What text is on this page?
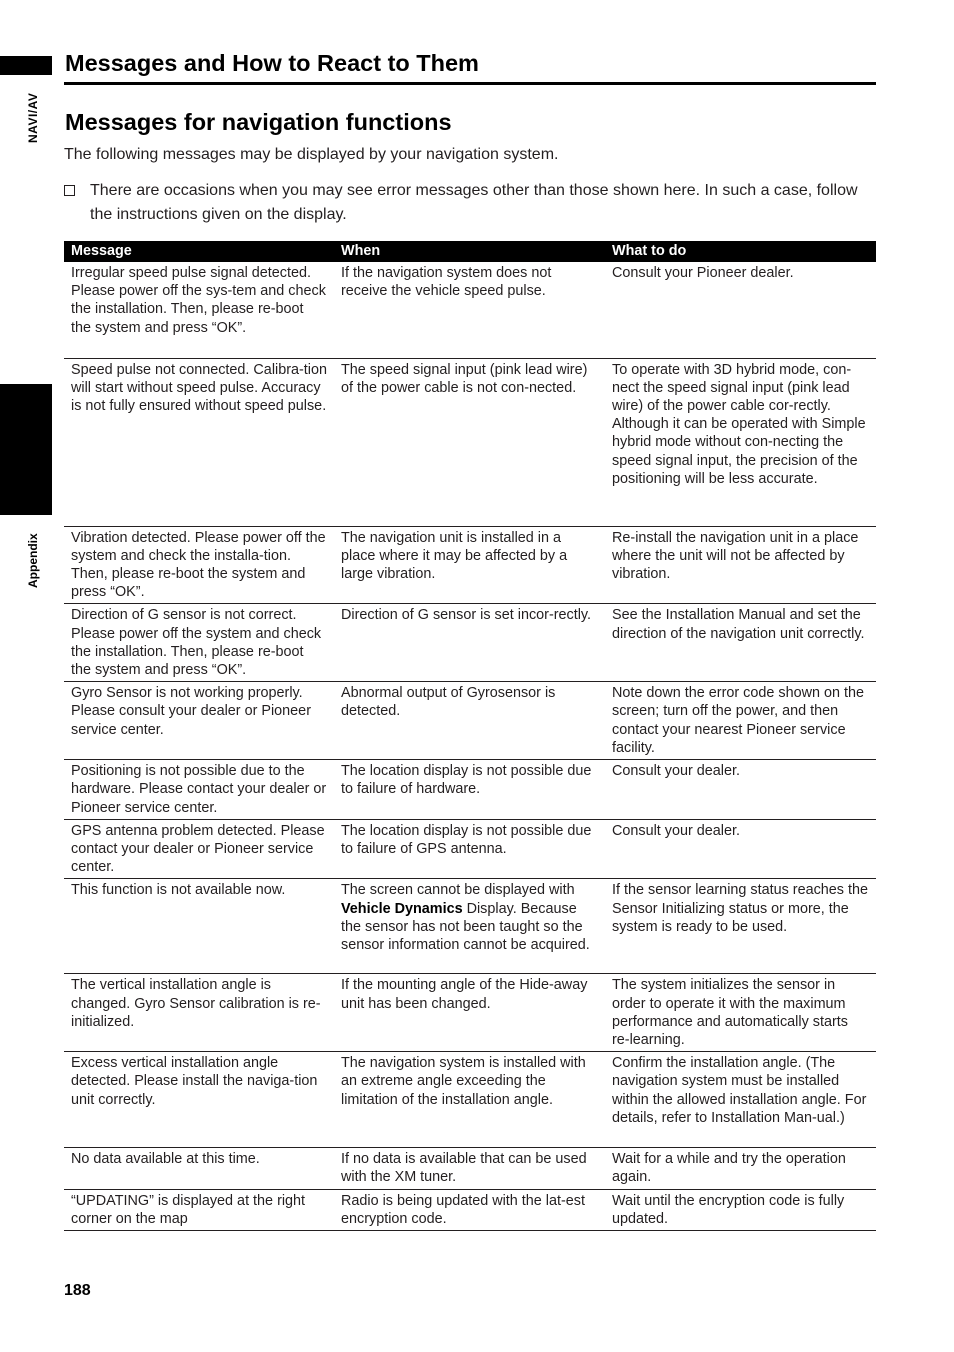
NAVI/AV
Appendix
Messages and How to React to Them
Messages for navigation functions
The following messages may be displayed by your navigation system.
There are occasions when you may see error messages other than those shown here. In such a case, follow the instructions given on the display.
Message	When	What to do
Irregular speed pulse signal detected. Please power off the sys-tem and check the installation. Then, please re-boot the system and press “OK”.	If the navigation system does not receive the vehicle speed pulse.	Consult your Pioneer dealer.
Speed pulse not connected. Calibra-tion will start without speed pulse. Accuracy is not fully ensured without speed pulse.	The speed signal input (pink lead wire) of the power cable is not con-nected.	To operate with 3D hybrid mode, con-nect the speed signal input (pink lead wire) of the power cable cor-rectly.
Although it can be operated with Simple hybrid mode without con-necting the speed signal input, the precision of the positioning will be less accurate.

Vibration detected. Please power off the system and check the installa-tion. Then, please re-boot the system and press “OK”.	The navigation unit is installed in a place where it may be affected by a large vibration.	Re-install the navigation unit in a place where the unit will not be affected by vibration.
Direction of G sensor is not correct. Please power off the system and check the installation. Then, please re-boot the system and press “OK”.	Direction of G sensor is set incor-rectly.	See the Installation Manual and set the direction of the navigation unit correctly.
Gyro Sensor is not working properly. Please consult your dealer or Pioneer service center.	Abnormal output of Gyrosensor is detected.	Note down the error code shown on the screen; turn off the power, and then contact your nearest Pioneer service facility.
Positioning is not possible due to the hardware. Please contact your dealer or Pioneer service center.	The location display is not possible due to failure of hardware.	Consult your dealer.
GPS antenna problem detected. Please contact your dealer or Pioneer service center.	The location display is not possible due to failure of GPS antenna.	Consult your dealer.
This function is not available now.	The screen cannot be displayed with Vehicle Dynamics Display. Because the sensor has not been taught so the sensor information cannot be acquired.	If the sensor learning status reaches the Sensor Initializing status or more, the system is ready to be used.
The vertical installation angle is changed. Gyro Sensor calibration is re-initialized.	If the mounting angle of the Hide-away unit has been changed.	The system initializes the sensor in order to operate it with the maximum performance and automatically starts re-learning.
Excess vertical installation angle detected. Please install the naviga-tion unit correctly.	The navigation system is installed with an extreme angle exceeding the limitation of the installation angle.	Confirm the installation angle. (The navigation system must be installed within the allowed installation angle. For details, refer to Installation Man-ual.)
No data available at this time.	If no data is available that can be used with the XM tuner.	Wait for a while and try the operation again.
“UPDATING” is displayed at the right corner on the map	Radio is being updated with the lat-est encryption code.	Wait until the encryption code is fully updated.
188
